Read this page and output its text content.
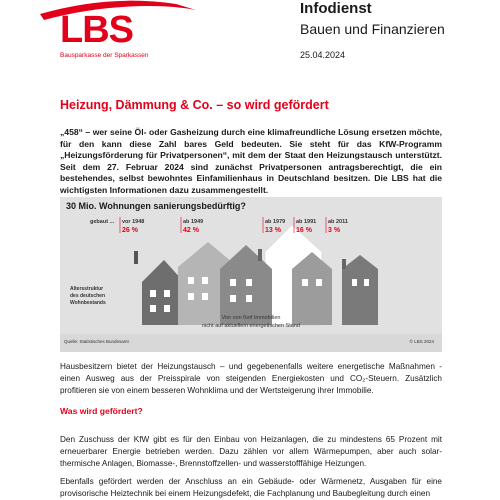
LBS
Bausparkasse der Sparkassen
Infodienst
Bauen und Finanzieren
25.04.2024
Heizung, Dämmung & Co. – so wird gefördert
„458“ – wer seine Öl- oder Gasheizung durch eine klimafreundliche Lösung ersetzen möchte, für den kann diese Zahl bares Geld bedeuten. Sie steht für das KfW-Programm „Heizungsförderung für Privatpersonen“, mit dem der Staat den Heizungstausch unterstützt. Seit dem 27. Februar 2024 sind zunächst Privatpersonen antragsberechtigt, die ein bestehendes, selbst bewohntes Einfamilienhaus in Deutschland besitzen. Die LBS hat die wichtigsten Informationen dazu zusammengestellt.
gebaut ... vor 1948
26 %
ab 1949
42 %
ab 1979
13 %
ab 1991
16 %
ab 2011
3 %
Altersstruktur
des deutschen
Wohnbestands
Vier von fünf Immobilien
nicht auf aktuellem energetischen Stand
30 Mio. Wohnungen sanierungsbedürftig?
Quelle: Statistisches Bundesamt	© LBS 2024
Hausbesitzern bietet der Heizungstausch – und gegebenenfalls weitere energetische Maßnahmen - einen Ausweg aus der Preisspirale von steigenden Energiekosten und CO₂-Steuern. Zusätzlich profitieren sie von einem besseren Wohnklima und der Wertsteigerung ihrer Immobilie.
Was wird gefördert?
Den Zuschuss der KfW gibt es für den Einbau von Heizanlagen, die zu mindestens 65 Prozent mit erneuerbarer Energie betrieben werden. Dazu zählen vor allem Wärmepumpen, aber auch solar-thermische Anlagen, Biomasse-, Brennstoffzellen- und wasserstofffähige Heizungen.
Ebenfalls gefördert werden der Anschluss an ein Gebäude- oder Wärmenetz, Ausgaben für eine provisorische Heiztechnik bei einem Heizungsdefekt, die Fachplanung und Baubegleitung durch einen
